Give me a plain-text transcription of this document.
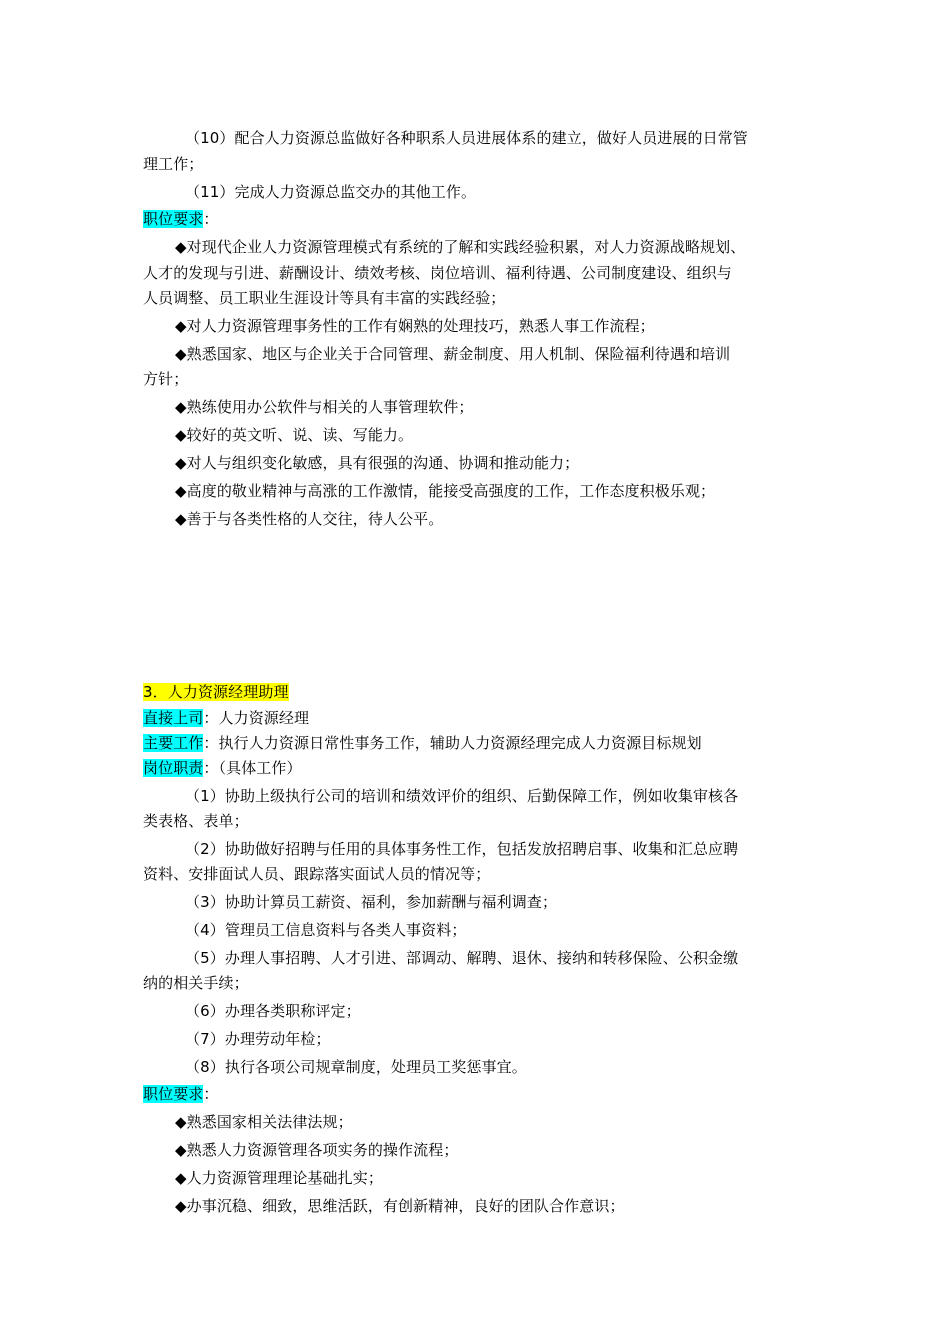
（10）配合人力资源总监做好各种职系人员进展体系的建立，做好人员进展的日常管
理工作；
（11）完成人力资源总监交办的其他工作。
职位要求：
◆对现代企业人力资源管理模式有系统的了解和实践经验积累，对人力资源战略规划、
人才的发现与引进、薪酬设计、绩效考核、岗位培训、福利待遇、公司制度建设、组织与
人员调整、员工职业生涯设计等具有丰富的实践经验；
◆对人力资源管理事务性的工作有娴熟的处理技巧，熟悉人事工作流程；
◆熟悉国家、地区与企业关于合同管理、薪金制度、用人机制、保险福利待遇和培训
方针；
◆熟练使用办公软件与相关的人事管理软件；
◆较好的英文听、说、读、写能力。
◆对人与组织变化敏感，具有很强的沟通、协调和推动能力；
◆高度的敬业精神与高涨的工作激情，能接受高强度的工作，工作态度积极乐观；
◆善于与各类性格的人交往，待人公平。
3．人力资源经理助理
直接上司：人力资源经理
主要工作：执行人力资源日常性事务工作，辅助人力资源经理完成人力资源目标规划
岗位职责：（具体工作）
（1）协助上级执行公司的培训和绩效评价的组织、后勤保障工作，例如收集审核各
类表格、表单；
（2）协助做好招聘与任用的具体事务性工作，包括发放招聘启事、收集和汇总应聘
资料、安排面试人员、跟踪落实面试人员的情况等；
（3）协助计算员工薪资、福利，参加薪酬与福利调查；
（4）管理员工信息资料与各类人事资料；
（5）办理人事招聘、人才引进、部调动、解聘、退休、接纳和转移保险、公积金缴
纳的相关手续；
（6）办理各类职称评定；
（7）办理劳动年检；
（8）执行各项公司规章制度，处理员工奖惩事宜。
职位要求：
◆熟悉国家相关法律法规；
◆熟悉人力资源管理各项实务的操作流程；
◆人力资源管理理论基础扎实；
◆办事沉稳、细致，思维活跃，有创新精神，良好的团队合作意识；
